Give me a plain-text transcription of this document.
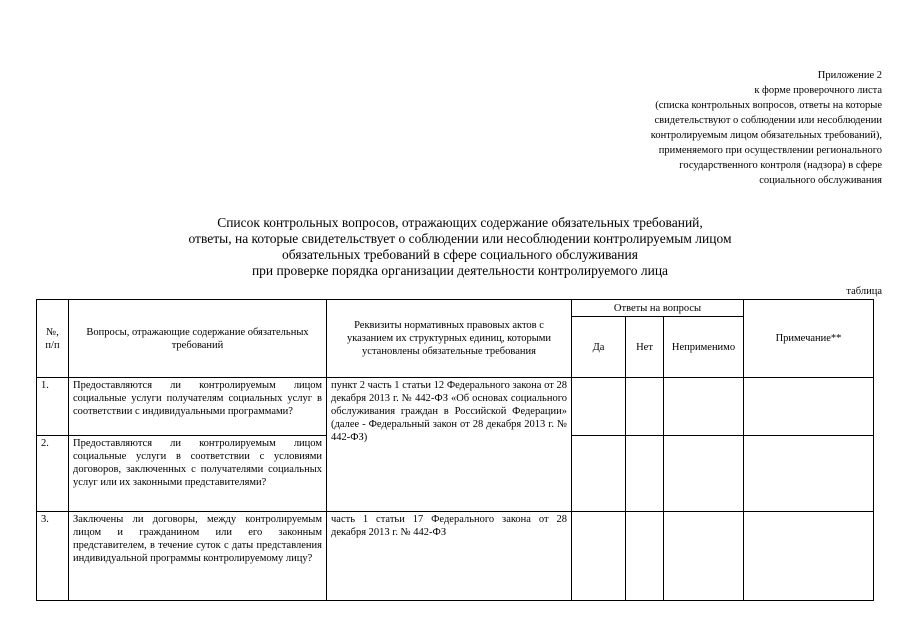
Приложение 2
к форме проверочного листа
(списка контрольных вопросов, ответы на которые
свидетельствуют о соблюдении или несоблюдении
контролируемым лицом обязательных требований),
применяемого при осуществлении регионального
государственного контроля (надзора) в сфере
социального обслуживания
Список контрольных вопросов, отражающих содержание обязательных требований,
ответы, на которые свидетельствует о соблюдении или несоблюдении контролируемым лицом
обязательных требований в сфере социального обслуживания
при проверке порядка организации деятельности контролируемого лица
таблица
№, п/п	Вопросы, отражающие содержание обязательных требований	Реквизиты нормативных правовых актов с указанием их структурных единиц, которыми установлены обязательные требования	Ответы на вопросы			Примечание**
			Да	Нет	Неприменимо	
1.	Предоставляются ли контролируемым лицом социальные услуги получателям социальных услуг в соответствии с индивидуальными программами?	пункт 2 часть 1 статьи 12 Федерального закона от 28 декабря 2013 г. № 442-ФЗ «Об основах социального обслуживания граждан в Российской Федерации» (далее - Федеральный закон от 28 декабря 2013 г. № 442-ФЗ)				
2.	Предоставляются ли контролируемым лицом социальные услуги в соответствии с условиями договоров, заключенных с получателями социальных услуг или их законными представителями?					
3.	Заключены ли договоры, между контролируемым лицом и гражданином или его законным представителем, в течение суток с даты представления индивидуальной программы контролируемому лицу?	часть 1 статьи 17 Федерального закона от 28 декабря 2013 г. № 442-ФЗ				
